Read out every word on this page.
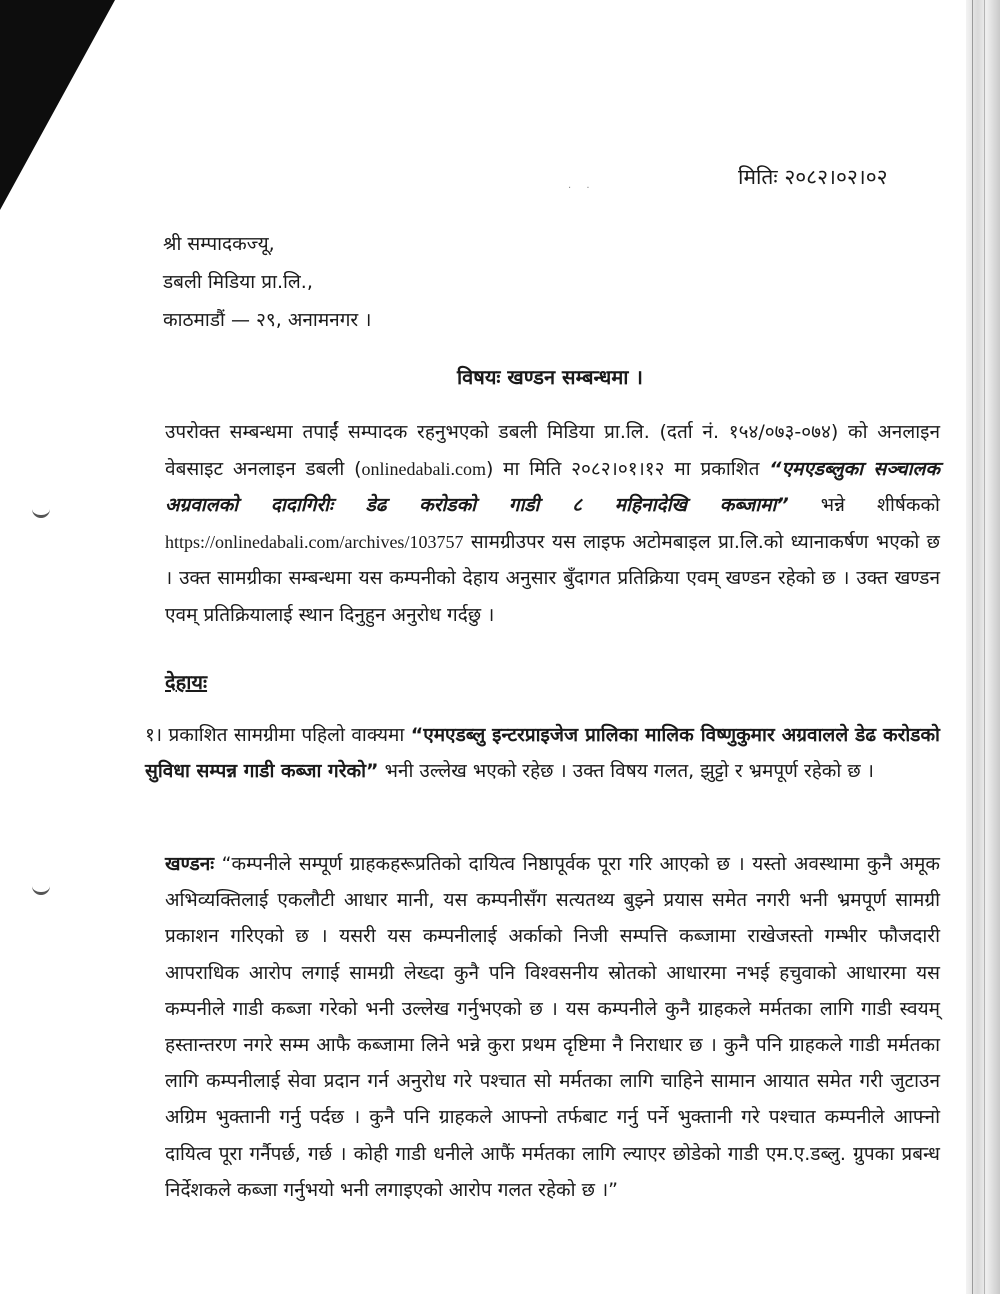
· ·	मितिः २०८२।०२।०२
श्री सम्पादकज्यू,
डबली मिडिया प्रा.लि.,
काठमाडौं — २९, अनामनगर ।
विषयः खण्डन सम्बन्धमा ।
उपरोक्त सम्बन्धमा तपाईं सम्पादक रहनुभएको डबली मिडिया प्रा.लि. (दर्ता नं. १५४/०७३-०७४) को अनलाइन वेबसाइट अनलाइन डबली (onlinedabali.com) मा मिति २०८२।०१।१२ मा प्रकाशित “एमएडब्लुका सञ्चालक अग्रवालको दादागिरीः डेढ करोडको गाडी ८ महिनादेखि कब्जामा” भन्ने शीर्षकको https://onlinedabali.com/archives/103757 सामग्रीउपर यस लाइफ अटोमबाइल प्रा.लि.को ध्यानाकर्षण भएको छ । उक्त सामग्रीका सम्बन्धमा यस कम्पनीको देहाय अनुसार बुँदागत प्रतिक्रिया एवम् खण्डन रहेको छ । उक्त खण्डन एवम् प्रतिक्रियालाई स्थान दिनुहुन अनुरोध गर्दछु ।
देहायः
१। प्रकाशित सामग्रीमा पहिलो वाक्यमा “एमएडब्लु इन्टरप्राइजेज प्रालिका मालिक विष्णुकुमार अग्रवालले डेढ करोडको सुविधा सम्पन्न गाडी कब्जा गरेको” भनी उल्लेख भएको रहेछ । उक्त विषय गलत, झुट्टो र भ्रमपूर्ण रहेको छ ।
खण्डनः “कम्पनीले सम्पूर्ण ग्राहकहरूप्रतिको दायित्व निष्ठापूर्वक पूरा गरि आएको छ । यस्तो अवस्थामा कुनै अमूक अभिव्यक्तिलाई एकलौटी आधार मानी, यस कम्पनीसँग सत्यतथ्य बुझ्ने प्रयास समेत नगरी भनी भ्रमपूर्ण सामग्री प्रकाशन गरिएको छ । यसरी यस कम्पनीलाई अर्काको निजी सम्पत्ति कब्जामा राखेजस्तो गम्भीर फौजदारी आपराधिक आरोप लगाई सामग्री लेख्दा कुनै पनि विश्वसनीय स्रोतको आधारमा नभई हचुवाको आधारमा यस कम्पनीले गाडी कब्जा गरेको भनी उल्लेख गर्नुभएको छ । यस कम्पनीले कुनै ग्राहकले मर्मतका लागि गाडी स्वयम् हस्तान्तरण नगरे सम्म आफै कब्जामा लिने भन्ने कुरा प्रथम दृष्टिमा नै निराधार छ । कुनै पनि ग्राहकले गाडी मर्मतका लागि कम्पनीलाई सेवा प्रदान गर्न अनुरोध गरे पश्चात सो मर्मतका लागि चाहिने सामान आयात समेत गरी जुटाउन अग्रिम भुक्तानी गर्नु पर्दछ । कुनै पनि ग्राहकले आफ्नो तर्फबाट गर्नु पर्ने भुक्तानी गरे पश्चात कम्पनीले आफ्नो दायित्व पूरा गर्नैपर्छ, गर्छ । कोही गाडी धनीले आफैं मर्मतका लागि ल्याएर छोडेको गाडी एम.ए.डब्लु. ग्रुपका प्रबन्ध निर्देशकले कब्जा गर्नुभयो भनी लगाइएको आरोप गलत रहेको छ ।”
